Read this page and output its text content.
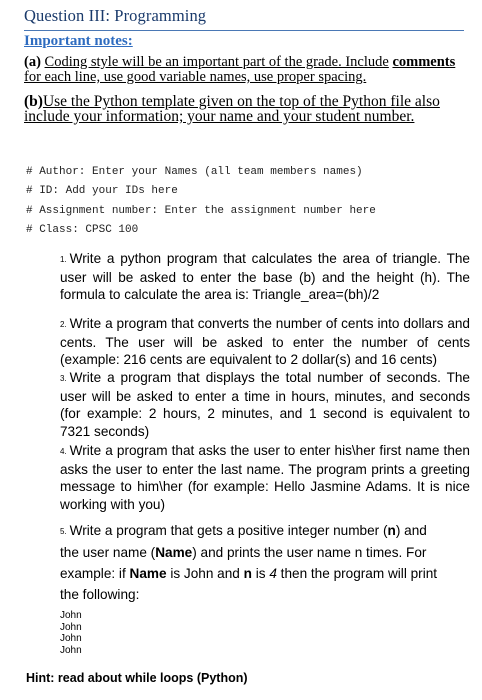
Question III: Programming
Important notes:
(a) Coding style will be an important part of the grade. Include comments for each line, use good variable names, use proper spacing.
(b)Use the Python template given on the top of the Python file also include your information; your name and your student number.
# Author: Enter your Names (all team members names)
# ID: Add your IDs here
# Assignment number: Enter the assignment number here
# Class: CPSC 100
1. Write a python program that calculates the area of triangle. The user will be asked to enter the base (b) and the height (h). The formula to calculate the area is: Triangle_area=(bh)/2
2. Write a program that converts the number of cents into dollars and cents. The user will be asked to enter the number of cents (example: 216 cents are equivalent to 2 dollar(s) and 16 cents)
3. Write a program that displays the total number of seconds. The user will be asked to enter a time in hours, minutes, and seconds (for example: 2 hours, 2 minutes, and 1 second is equivalent to 7321 seconds)
4. Write a program that asks the user to enter his\her first name then asks the user to enter the last name. The program prints a greeting message to him\her (for example: Hello Jasmine Adams. It is nice working with you)
5. Write a program that gets a positive integer number (n) and
the user name (Name) and prints the user name n times. For
example: if Name is John and n is 4 then the program will print
the following:
John
John
John
John
Hint: read about while loops (Python)
